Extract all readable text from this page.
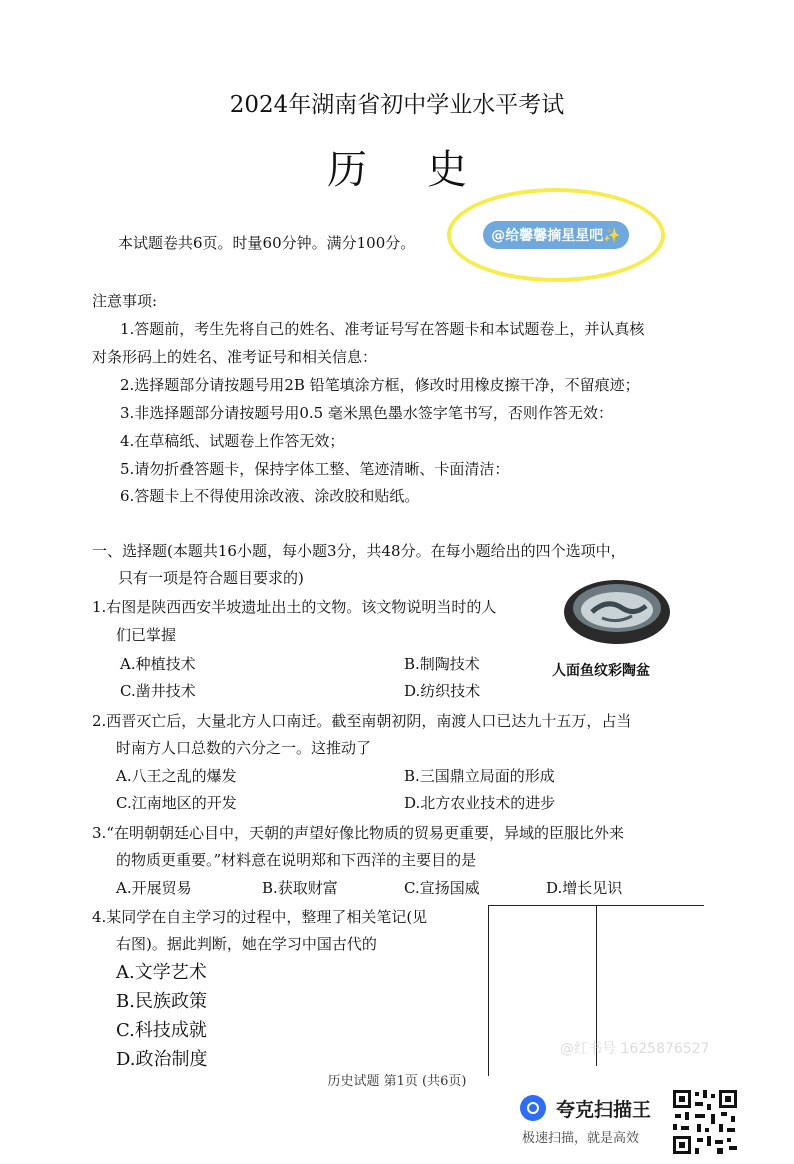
2024年湖南省初中学业水平考试
历史
本试题卷共6页。时量60分钟。满分100分。	@给馨馨摘星星吧✨
注意事项:
1.答题前，考生先将自己的姓名、准考证号写在答题卡和本试题卷上，并认真核
对条形码上的姓名、准考证号和相关信息：
2.选择题部分请按题号用2B 铅笔填涂方框，修改时用橡皮擦干净，不留痕迹；
3.非选择题部分请按题号用0.5 毫米黑色墨水签字笔书写，否则作答无效：
4.在草稿纸、试题卷上作答无效；
5.请勿折叠答题卡，保持字体工整、笔迹清晰、卡面清洁：
6.答题卡上不得使用涂改液、涂改胶和贴纸。
一、选择题(本题共16小题，每小题3分，共48分。在每小题给出的四个选项中，
只有一项是符合题目要求的)
1.右图是陕西西安半坡遗址出土的文物。该文物说明当时的人
们已掌握
A.种植技术	B.制陶技术
C.凿井技术	D.纺织技术
人面鱼纹彩陶盆
2.西晋灭亡后，大量北方人口南迁。截至南朝初阴，南渡人口已达九十五万，占当
时南方人口总数的六分之一。这推动了
A.八王之乱的爆发	B.三国鼎立局面的形成
C.江南地区的开发	D.北方农业技术的进步
3.“在明朝朝廷心目中，天朝的声望好像比物质的贸易更重要，异域的臣服比外来
的物质更重要。”材料意在说明郑和下西洋的主要目的是
A.开展贸易	B.获取财富	C.宣扬国威	D.增长见识
4.某同学在自主学习的过程中，整理了相关笔记(见
右图)。据此判断，她在学习中国古代的
A.文学艺术
B.民族政策
C.科技成就
D.政治制度	@红书号 1625876527
历史试题 第1页 (共6页)
夸克扫描王
极速扫描，就是高效
